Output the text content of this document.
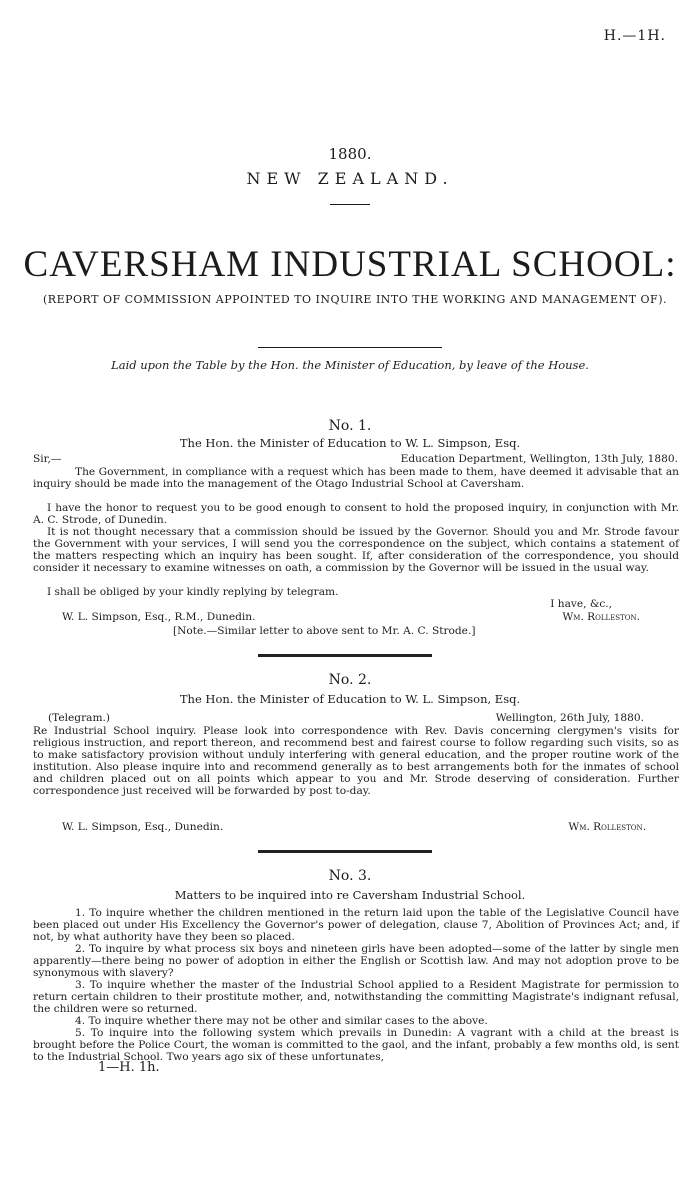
H.—1H.
1880.
NEW ZEALAND.
CAVERSHAM INDUSTRIAL SCHOOL:
(REPORT OF COMMISSION APPOINTED TO INQUIRE INTO THE WORKING AND MANAGEMENT OF).
Laid upon the Table by the Hon. the Minister of Education, by leave of the House.
No. 1.
The Hon. the Minister of Education to W. L. Simpson, Esq.
Sir,—	Education Department, Wellington, 13th July, 1880.
The Government, in compliance with a request which has been made to them, have deemed it advisable that an inquiry should be made into the management of the Otago Industrial School at Caversham.
I have the honor to request you to be good enough to consent to hold the proposed inquiry, in conjunction with Mr. A. C. Strode, of Dunedin.
It is not thought necessary that a commission should be issued by the Governor. Should you and Mr. Strode favour the Government with your services, I will send you the correspondence on the subject, which contains a statement of the matters respecting which an inquiry has been sought. If, after consideration of the correspondence, you should consider it necessary to examine witnesses on oath, a commission by the Governor will be issued in the usual way.
I shall be obliged by your kindly replying by telegram.
I have, &c.,
W. L. Simpson, Esq., R.M., Dunedin.	Wm. Rolleston.
[Note.—Similar letter to above sent to Mr. A. C. Strode.]
No. 2.
The Hon. the Minister of Education to W. L. Simpson, Esq.
(Telegram.)	Wellington, 26th July, 1880.
Re Industrial School inquiry. Please look into correspondence with Rev. Davis concerning clergymen's visits for religious instruction, and report thereon, and recommend best and fairest course to follow regarding such visits, so as to make satisfactory provision without unduly interfering with general education, and the proper routine work of the institution. Also please inquire into and recommend generally as to best arrangements both for the inmates of school and children placed out on all points which appear to you and Mr. Strode deserving of consideration. Further correspondence just received will be forwarded by post to-day.
W. L. Simpson, Esq., Dunedin.	Wm. Rolleston.
No. 3.
Matters to be inquired into re Caversham Industrial School.
1. To inquire whether the children mentioned in the return laid upon the table of the Legislative Council have been placed out under His Excellency the Governor's power of delegation, clause 7, Abolition of Provinces Act; and, if not, by what authority have they been so placed.
2. To inquire by what process six boys and nineteen girls have been adopted—some of the latter by single men apparently—there being no power of adoption in either the English or Scottish law. And may not adoption prove to be synonymous with slavery?
3. To inquire whether the master of the Industrial School applied to a Resident Magistrate for permission to return certain children to their prostitute mother, and, notwithstanding the committing Magistrate's indignant refusal, the children were so returned.
4. To inquire whether there may not be other and similar cases to the above.
5. To inquire into the following system which prevails in Dunedin: A vagrant with a child at the breast is brought before the Police Court, the woman is committed to the gaol, and the infant, probably a few months old, is sent to the Industrial School. Two years ago six of these unfortunates,
1—H. 1h.
